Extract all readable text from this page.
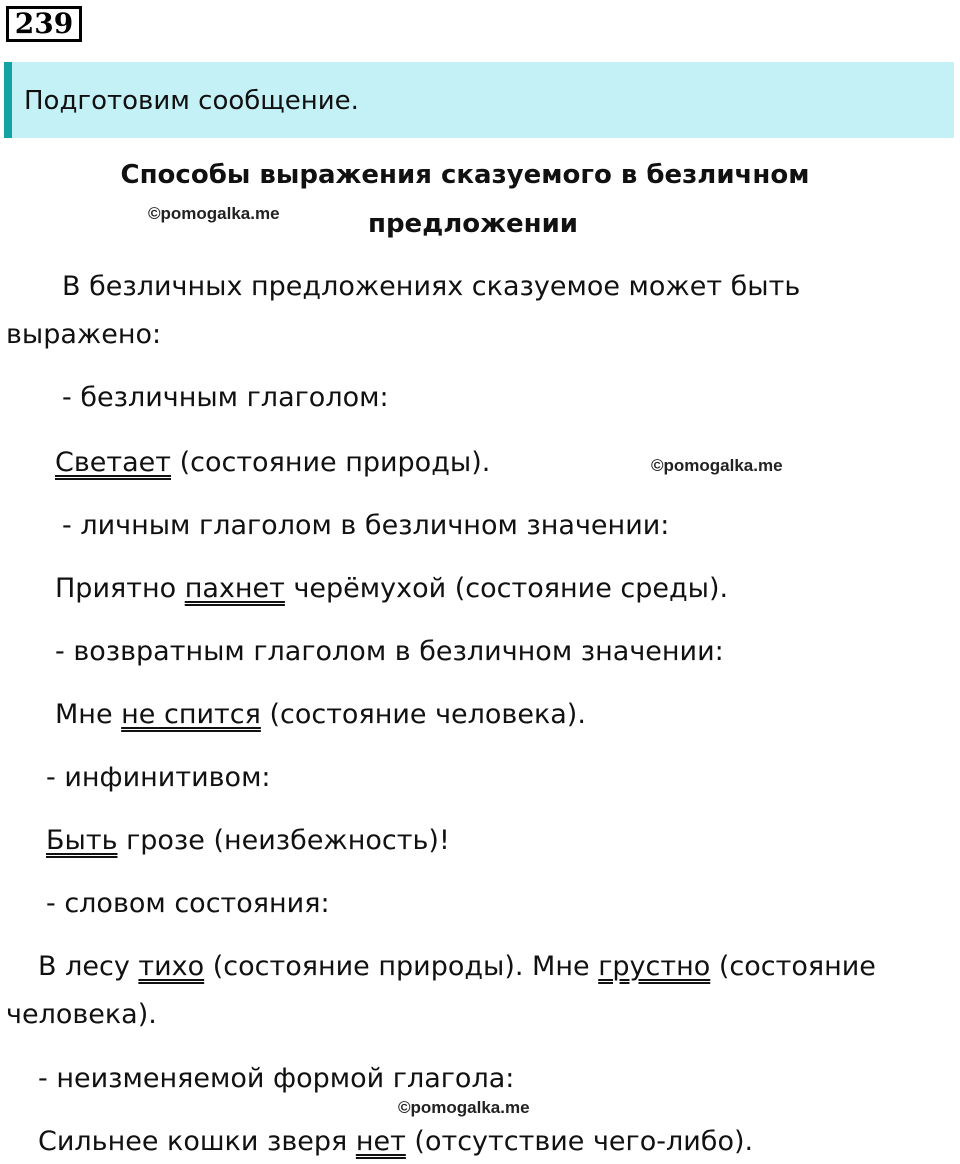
239
Подготовим сообщение.
Способы выражения сказуемого в безличном
предложении
©pomogalka.me
В безличных предложениях сказуемое может быть
выражено:
- безличным глаголом:
Светает (состояние природы).	©pomogalka.me
- личным глаголом в безличном значении:
Приятно пахнет черёмухой (состояние среды).
- возвратным глаголом в безличном значении:
Мне не спится (состояние человека).
- инфинитивом:
Быть грозе (неизбежность)!
- словом состояния:
В лесу тихо (состояние природы). Мне грустно (состояние
человека).
- неизменяемой формой глагола:
©pomogalka.me
Сильнее кошки зверя нет (отсутствие чего-либо).
